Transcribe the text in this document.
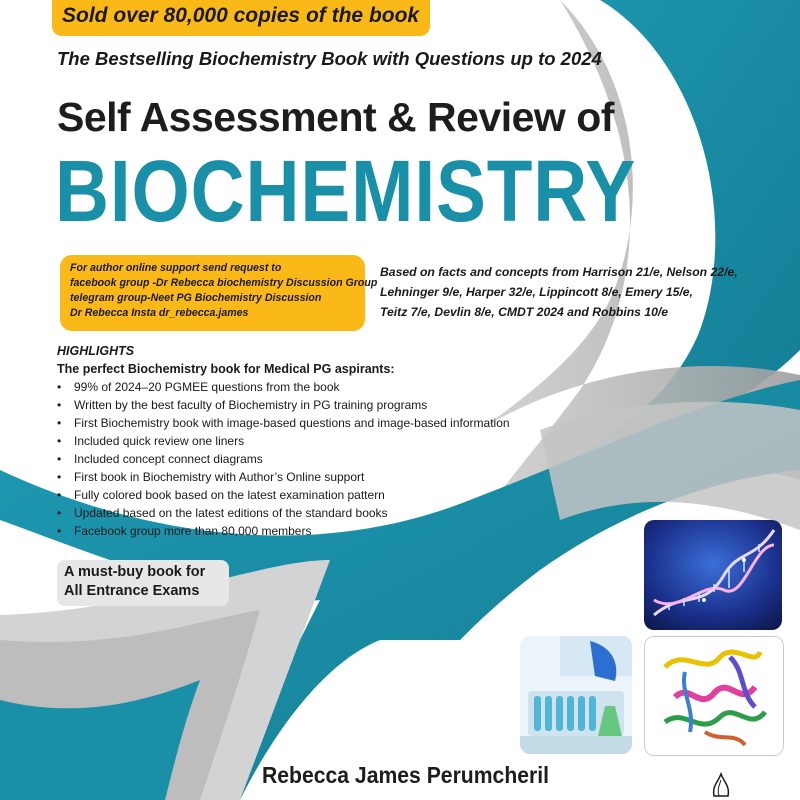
Sold over 80,000 copies of the book
The Bestselling Biochemistry Book with Questions up to 2024
Self Assessment & Review of
BIOCHEMISTRY
For author online support send request to
facebook group -Dr Rebecca biochemistry Discussion Group
telegram group-Neet PG Biochemistry Discussion
Dr Rebecca Insta dr_rebecca.james
Based on facts and concepts from Harrison 21/e, Nelson 22/e,
Lehninger 9/e, Harper 32/e, Lippincott 8/e, Emery 15/e,
Teitz 7/e, Devlin 8/e, CMDT 2024 and Robbins 10/e
HIGHLIGHTS
The perfect Biochemistry book for Medical PG aspirants:
• 99% of 2024–20 PGMEE questions from the book
• Written by the best faculty of Biochemistry in PG training programs
• First Biochemistry book with image-based questions and image-based information
• Included quick review one liners
• Included concept connect diagrams
• First book in Biochemistry with Author’s Online support
• Fully colored book based on the latest examination pattern
• Updated based on the latest editions of the standard books
• Facebook group more than 80,000 members
A must-buy book for
All Entrance Exams
Rebecca James Perumcheril
